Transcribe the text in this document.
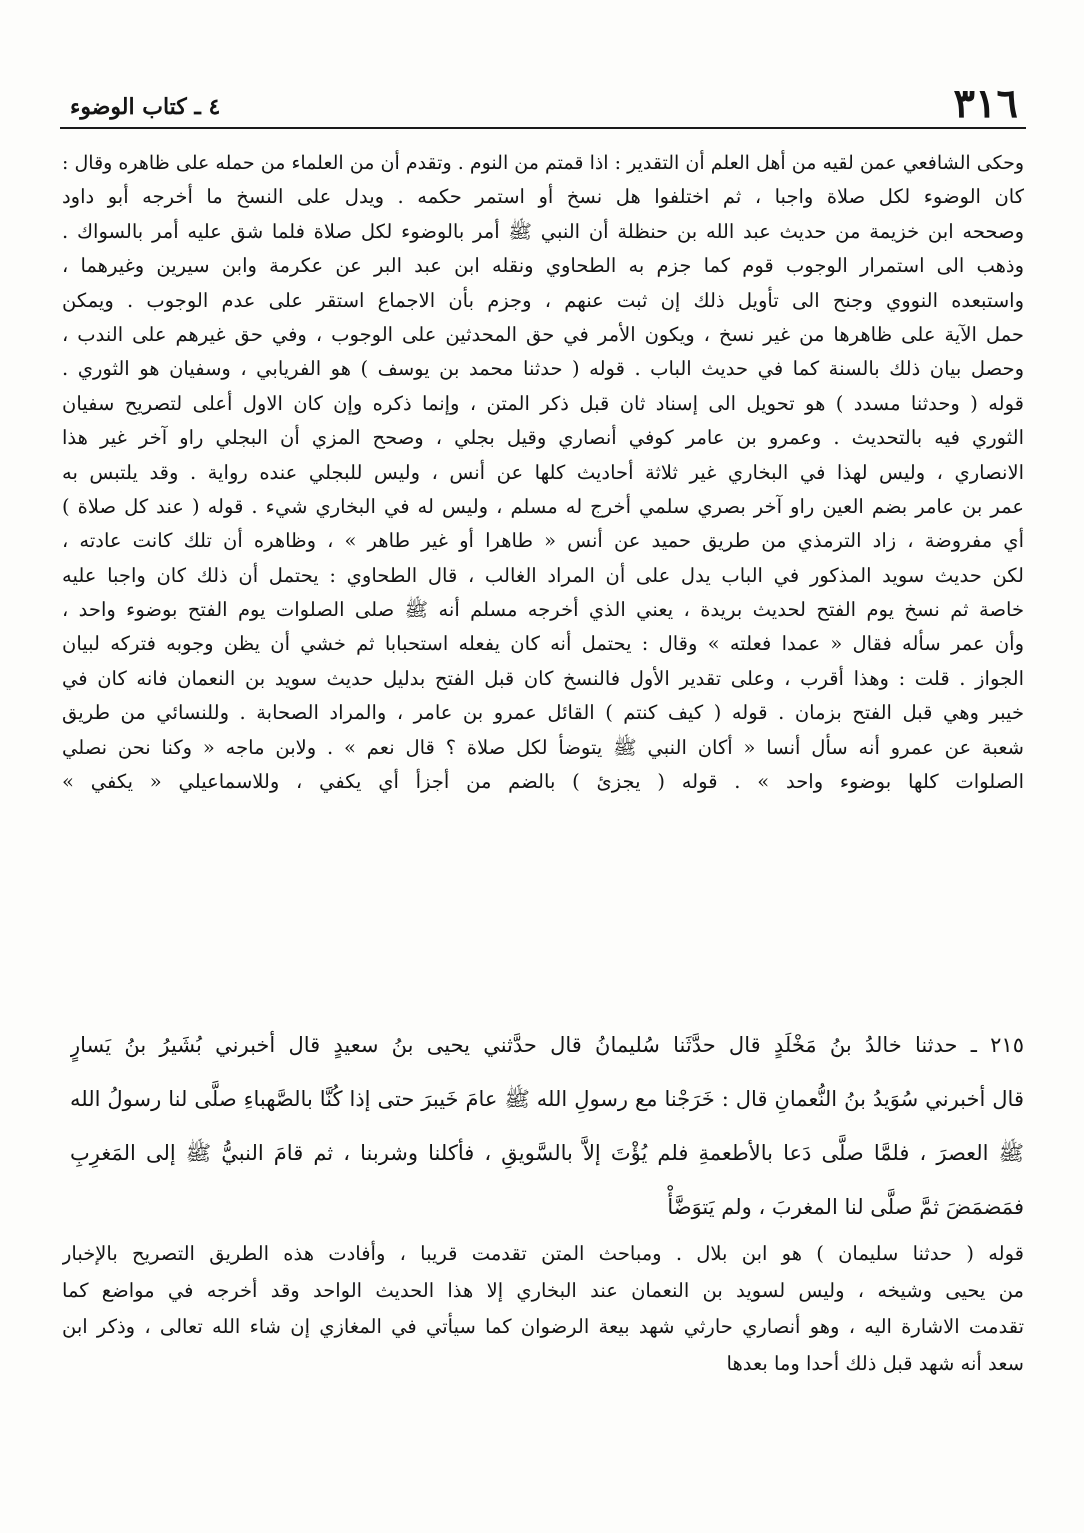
٣١٦
٤ ـ كتاب الوضوء
وحكى الشافعي عمن لقيه من أهل العلم أن التقدير : اذا قمتم من النوم . وتقدم أن من العلماء من حمله على ظاهره وقال :
كان الوضوء لكل صلاة واجبا ، ثم اختلفوا هل نسخ أو استمر حكمه . ويدل على النسخ ما أخرجه أبو داود
وصححه ابن خزيمة من حديث عبد الله بن حنظلة أن النبي ﷺ أمر بالوضوء لكل صلاة فلما شق عليه أمر بالسواك .
وذهب الى استمرار الوجوب قوم كما جزم به الطحاوي ونقله ابن عبد البر عن عكرمة وابن سيرين وغيرهما ،
واستبعده النووي وجنح الى تأويل ذلك إن ثبت عنهم ، وجزم بأن الاجماع استقر على عدم الوجوب . ويمكن
حمل الآية على ظاهرها من غير نسخ ، ويكون الأمر في حق المحدثين على الوجوب ، وفي حق غيرهم على الندب ،
وحصل بيان ذلك بالسنة كما في حديث الباب . قوله ( حدثنا محمد بن يوسف ) هو الفريابي ، وسفيان هو الثوري .
قوله ( وحدثنا مسدد ) هو تحويل الى إسناد ثان قبل ذكر المتن ، وإنما ذكره وإن كان الاول أعلى لتصريح سفيان
الثوري فيه بالتحديث . وعمرو بن عامر كوفي أنصاري وقيل بجلي ، وصحح المزي أن البجلي راو آخر غير هذا
الانصاري ، وليس لهذا في البخاري غير ثلاثة أحاديث كلها عن أنس ، وليس للبجلي عنده رواية . وقد يلتبس به
عمر بن عامر بضم العين راو آخر بصري سلمي أخرج له مسلم ، وليس له في البخاري شيء . قوله ( عند كل صلاة )
أي مفروضة ، زاد الترمذي من طريق حميد عن أنس « طاهرا أو غير طاهر » ، وظاهره أن تلك كانت عادته ،
لكن حديث سويد المذكور في الباب يدل على أن المراد الغالب ، قال الطحاوي : يحتمل أن ذلك كان واجبا عليه
خاصة ثم نسخ يوم الفتح لحديث بريدة ، يعني الذي أخرجه مسلم أنه ﷺ صلى الصلوات يوم الفتح بوضوء واحد ،
وأن عمر سأله فقال « عمدا فعلته » وقال : يحتمل أنه كان يفعله استحبابا ثم خشي أن يظن وجوبه فتركه لبيان
الجواز . قلت : وهذا أقرب ، وعلى تقدير الأول فالنسخ كان قبل الفتح بدليل حديث سويد بن النعمان فانه كان في
خيبر وهي قبل الفتح بزمان . قوله ( كيف كنتم ) القائل عمرو بن عامر ، والمراد الصحابة . وللنسائي من طريق
شعبة عن عمرو أنه سأل أنسا « أكان النبي ﷺ يتوضأ لكل صلاة ؟ قال نعم » . ولابن ماجه « وكنا نحن نصلي
الصلوات كلها بوضوء واحد » . قوله ( يجزئ ) بالضم من أجزأ أي يكفي ، وللاسماعيلي « يكفي »
٢١٥ ـ حدثنا خالدُ بنُ مَخْلَدٍ قال حدَّثَنا سُليمانُ قال حدَّثني يحيى بنُ سعيدٍ قال أخبرني بُشَيرُ بنُ يَسارٍ
قال أخبرني سُوَيدُ بنُ النُّعمانِ قال : خَرَجْنا مع رسولِ الله ﷺ عامَ خَيبرَ حتى إذا كُنَّا بالصَّهباءِ صلَّى لنا رسولُ الله
ﷺ العصرَ ، فلمَّا صلَّى دَعا بالأطعمةِ فلم يُؤْتَ إلاَّ بالسَّويقِ ، فأكلنا وشربنا ، ثم قامَ النبيُّ ﷺ إلى المَغرِبِ
فمَضمَضَ ثمَّ صلَّى لنا المغربَ ، ولم يَتوَضَّأْ
قوله ( حدثنا سليمان ) هو ابن بلال . ومباحث المتن تقدمت قريبا ، وأفادت هذه الطريق التصريح بالإخبار
من يحيى وشيخه ، وليس لسويد بن النعمان عند البخاري إلا هذا الحديث الواحد وقد أخرجه في مواضع كما
تقدمت الاشارة اليه ، وهو أنصاري حارثي شهد بيعة الرضوان كما سيأتي في المغازي إن شاء الله تعالى ، وذكر ابن
سعد أنه شهد قبل ذلك أحدا وما بعدها
